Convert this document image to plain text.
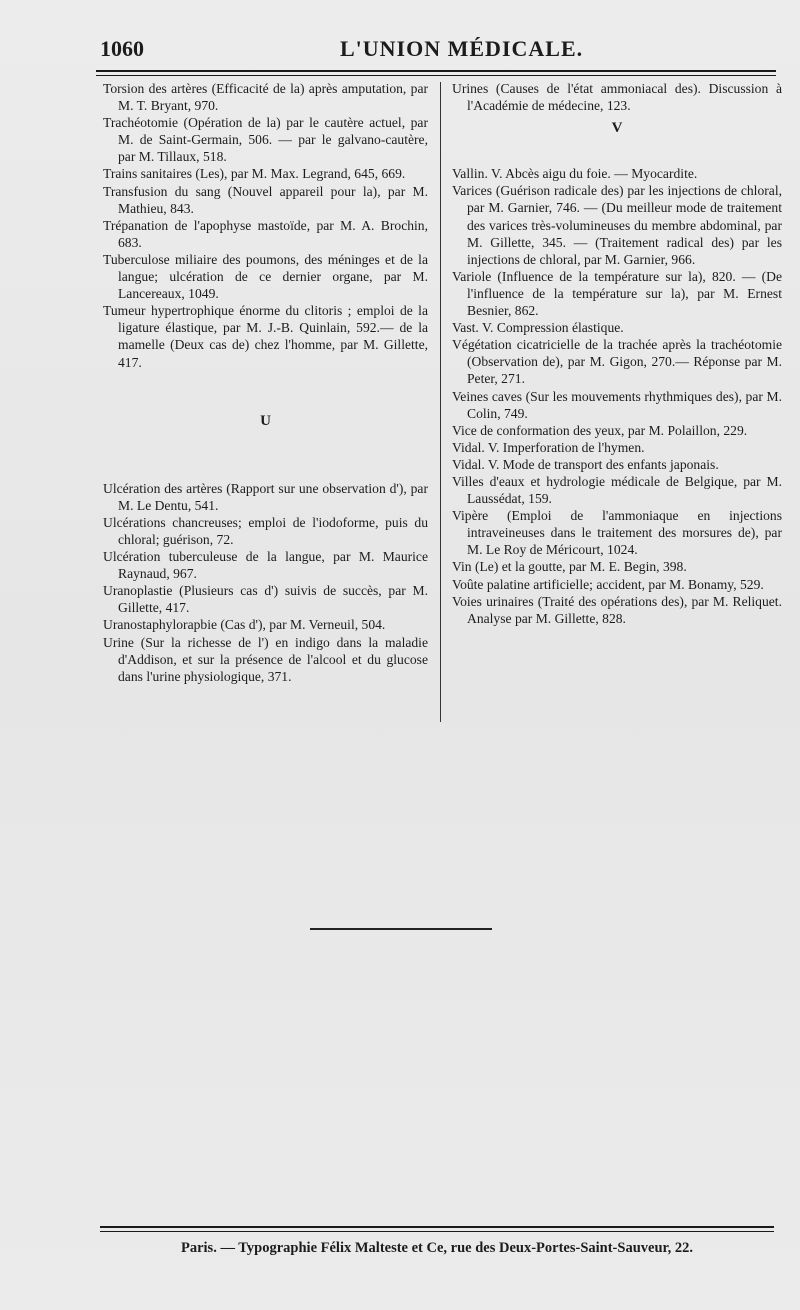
1060	L'UNION MÉDICALE.

Torsion des artères (Efficacité de la) après amputation, par M. T. Bryant, 970.

Trachéotomie (Opération de la) par le cautère actuel, par M. de Saint-Germain, 506. — par le galvano-cautère, par M. Tillaux, 518.

Trains sanitaires (Les), par M. Max. Legrand, 645, 669.

Transfusion du sang (Nouvel appareil pour la), par M. Mathieu, 843.

Trépanation de l'apophyse mastoïde, par M. A. Brochin, 683.

Tuberculose miliaire des poumons, des méninges et de la langue; ulcération de ce dernier organe, par M. Lancereaux, 1049.

Tumeur hypertrophique énorme du clitoris ; emploi de la ligature élastique, par M. J.-B. Quinlain, 592.— de la mamelle (Deux cas de) chez l'homme, par M. Gillette, 417.

U

Ulcération des artères (Rapport sur une observation d'), par M. Le Dentu, 541.

Ulcérations chancreuses; emploi de l'iodoforme, puis du chloral; guérison, 72.

Ulcération tuberculeuse de la langue, par M. Maurice Raynaud, 967.

Uranoplastie (Plusieurs cas d') suivis de succès, par M. Gillette, 417.

Uranostaphylorapbie (Cas d'), par M. Verneuil, 504.

Urine (Sur la richesse de l') en indigo dans la maladie d'Addison, et sur la présence de l'alcool et du glucose dans l'urine physiologique, 371.

Urines (Causes de l'état ammoniacal des). Discussion à l'Académie de médecine, 123.

V

Vallin. V. Abcès aigu du foie. — Myocardite.

Varices (Guérison radicale des) par les injections de chloral, par M. Garnier, 746. — (Du meilleur mode de traitement des varices très-volumineuses du membre abdominal, par M. Gillette, 345. — (Traitement radical des) par les injections de chloral, par M. Garnier, 966.

Variole (Influence de la température sur la), 820. — (De l'influence de la température sur la), par M. Ernest Besnier, 862.

Vast. V. Compression élastique.

Végétation cicatricielle de la trachée après la trachéotomie (Observation de), par M. Gigon, 270.— Réponse par M. Peter, 271.

Veines caves (Sur les mouvements rhythmiques des), par M. Colin, 749.

Vice de conformation des yeux, par M. Polaillon, 229.

Vidal. V. Imperforation de l'hymen.

Vidal. V. Mode de transport des enfants japonais.

Villes d'eaux et hydrologie médicale de Belgique, par M. Laussédat, 159.

Vipère (Emploi de l'ammoniaque en injections intraveineuses dans le traitement des morsures de), par M. Le Roy de Méricourt, 1024.

Vin (Le) et la goutte, par M. E. Begin, 398.

Voûte palatine artificielle; accident, par M. Bonamy, 529.

Voies urinaires (Traité des opérations des), par M. Reliquet. Analyse par M. Gillette, 828.

Paris. — Typographie Félix Malteste et Ce, rue des Deux-Portes-Saint-Sauveur, 22.
